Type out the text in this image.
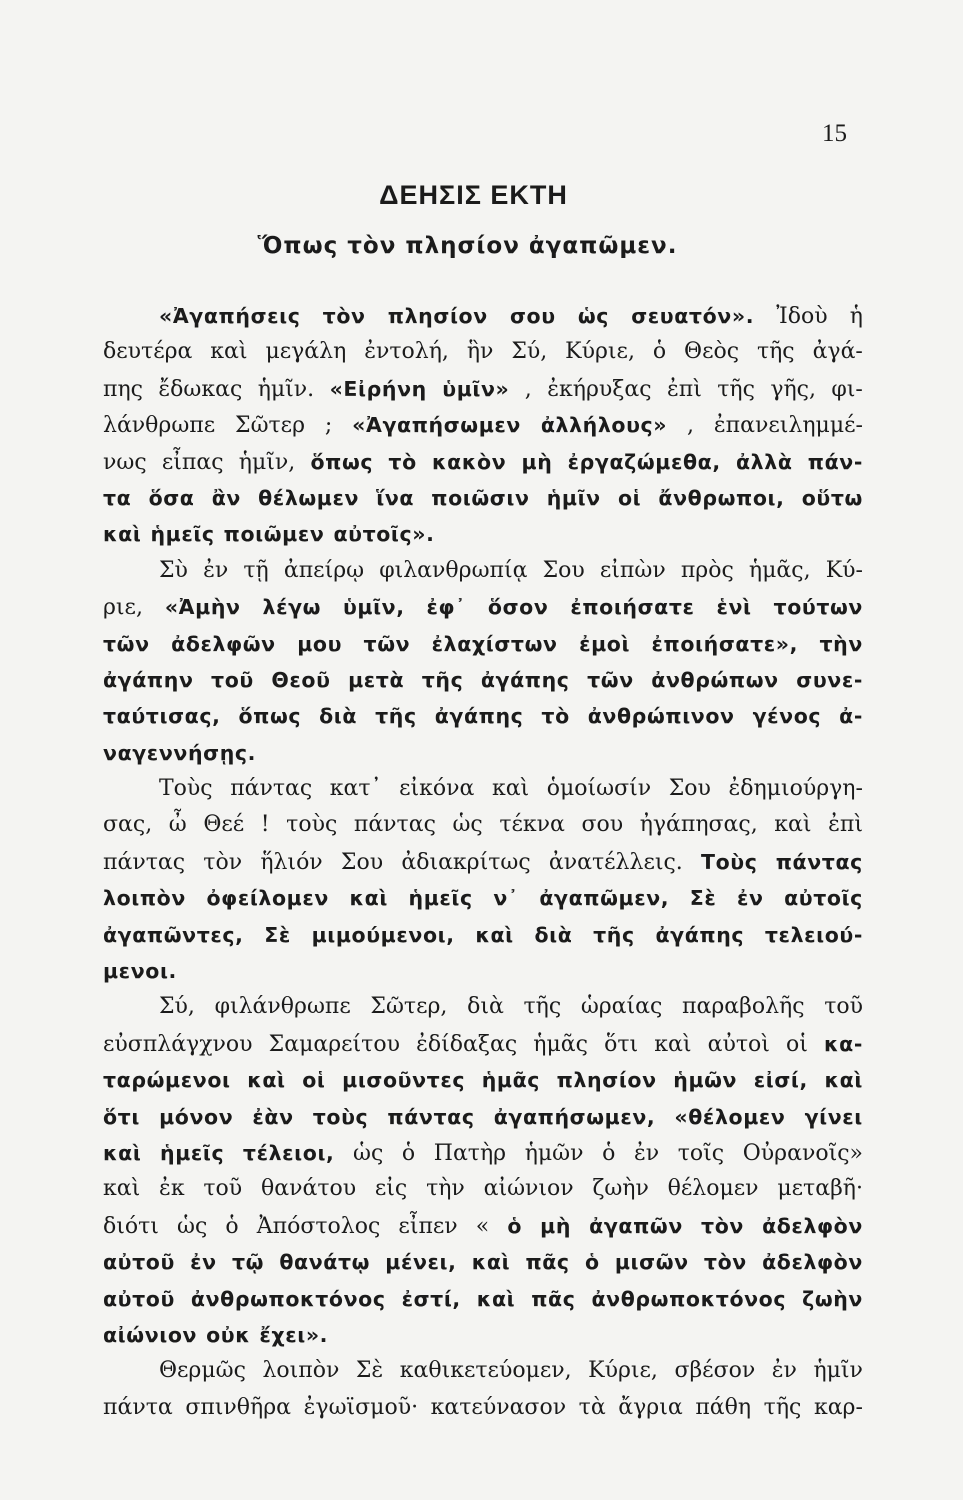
15
ΔΕΗΣΙΣ ΕΚΤΗ
Ὅπως τὸν πλησίον ἀγαπῶμεν.
«Ἀγαπήσεις τὸν πλησίον σου ὡς σευατόν». Ἰδοὺ ἡ
δευτέρα καὶ μεγάλη ἐντολή, ἣν Σύ, Κύριε, ὁ Θεὸς τῆς ἀγά-
πης ἔδωκας ἡμῖν. «Εἰρήνη ὑμῖν» , ἐκήρυξας ἐπὶ τῆς γῆς, φι-
λάνθρωπε Σῶτερ ; «Ἀγαπήσωμεν ἀλλήλους» , ἐπανειλημμέ-
νως εἶπας ἡμῖν, ὅπως τὸ κακὸν μὴ ἐργαζώμεθα, ἀλλὰ πάν-
τα ὅσα ἂν θέλωμεν ἵνα ποιῶσιν ἡμῖν οἱ ἄνθρωποι, οὕτω
καὶ ἡμεῖς ποιῶμεν αὐτοῖς».
Σὺ ἐν τῇ ἀπείρῳ φιλανθρωπίᾳ Σου εἰπὼν πρὸς ἡμᾶς, Κύ-
ριε, «Ἀμὴν λέγω ὑμῖν, ἐφ᾽ ὅσον ἐποιήσατε ἑνὶ τούτων
τῶν ἀδελφῶν μου τῶν ἐλαχίστων ἐμοὶ ἐποιήσατε», τὴν
ἀγάπην τοῦ Θεοῦ μετὰ τῆς ἀγάπης τῶν ἀνθρώπων συνε-
ταύτισας, ὅπως διὰ τῆς ἀγάπης τὸ ἀνθρώπινον γένος ἀ-
ναγεννήσῃς.
Τοὺς πάντας κατ᾽ εἰκόνα καὶ ὁμοίωσίν Σου ἐδημιούργη-
σας, ὦ Θεέ ! τοὺς πάντας ὡς τέκνα σου ἠγάπησας, καὶ ἐπὶ
πάντας τὸν ἥλιόν Σου ἀδιακρίτως ἀνατέλλεις. Τοὺς πάντας
λοιπὸν ὀφείλομεν καὶ ἡμεῖς ν᾽ ἀγαπῶμεν, Σὲ ἐν αὐτοῖς
ἀγαπῶντες, Σὲ μιμούμενοι, καὶ διὰ τῆς ἀγάπης τελειού-
μενοι.
Σύ, φιλάνθρωπε Σῶτερ, διὰ τῆς ὡραίας παραβολῆς τοῦ
εὐσπλάγχνου Σαμαρείτου ἐδίδαξας ἡμᾶς ὅτι καὶ αὐτοὶ οἱ κα-
ταρώμενοι καὶ οἱ μισοῦντες ἡμᾶς πλησίον ἡμῶν εἰσί, καὶ
ὅτι μόνον ἐὰν τοὺς πάντας ἀγαπήσωμεν, «θέλομεν γίνει
καὶ ἡμεῖς τέλειοι, ὡς ὁ Πατὴρ ἡμῶν ὁ ἐν τοῖς Οὐρανοῖς»
καὶ ἐκ τοῦ θανάτου εἰς τὴν αἰώνιον ζωὴν θέλομεν μεταβῆ·
διότι ὡς ὁ Ἀπόστολος εἶπεν « ὁ μὴ ἀγαπῶν τὸν ἀδελφὸν
αὐτοῦ ἐν τῷ θανάτῳ μένει, καὶ πᾶς ὁ μισῶν τὸν ἀδελφὸν
αὐτοῦ ἀνθρωποκτόνος ἐστί, καὶ πᾶς ἀνθρωποκτόνος ζωὴν
αἰώνιον οὐκ ἔχει».
Θερμῶς λοιπὸν Σὲ καθικετεύομεν, Κύριε, σβέσον ἐν ἡμῖν
πάντα σπινθῆρα ἐγωϊσμοῦ· κατεύνασον τὰ ἄγρια πάθη τῆς καρ-
